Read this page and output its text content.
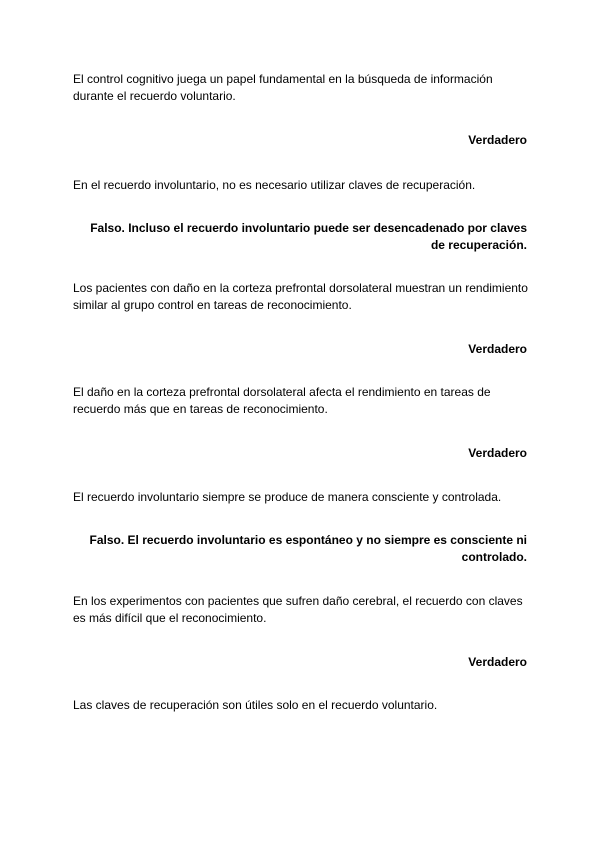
El control cognitivo juega un papel fundamental en la búsqueda de información durante el recuerdo voluntario.
Verdadero
En el recuerdo involuntario, no es necesario utilizar claves de recuperación.
Falso. Incluso el recuerdo involuntario puede ser desencadenado por claves de recuperación.
Los pacientes con daño en la corteza prefrontal dorsolateral muestran un rendimiento similar al grupo control en tareas de reconocimiento.
Verdadero
El daño en la corteza prefrontal dorsolateral afecta el rendimiento en tareas de recuerdo más que en tareas de reconocimiento.
Verdadero
El recuerdo involuntario siempre se produce de manera consciente y controlada.
Falso. El recuerdo involuntario es espontáneo y no siempre es consciente ni controlado.
En los experimentos con pacientes que sufren daño cerebral, el recuerdo con claves es más difícil que el reconocimiento.
Verdadero
Las claves de recuperación son útiles solo en el recuerdo voluntario.
